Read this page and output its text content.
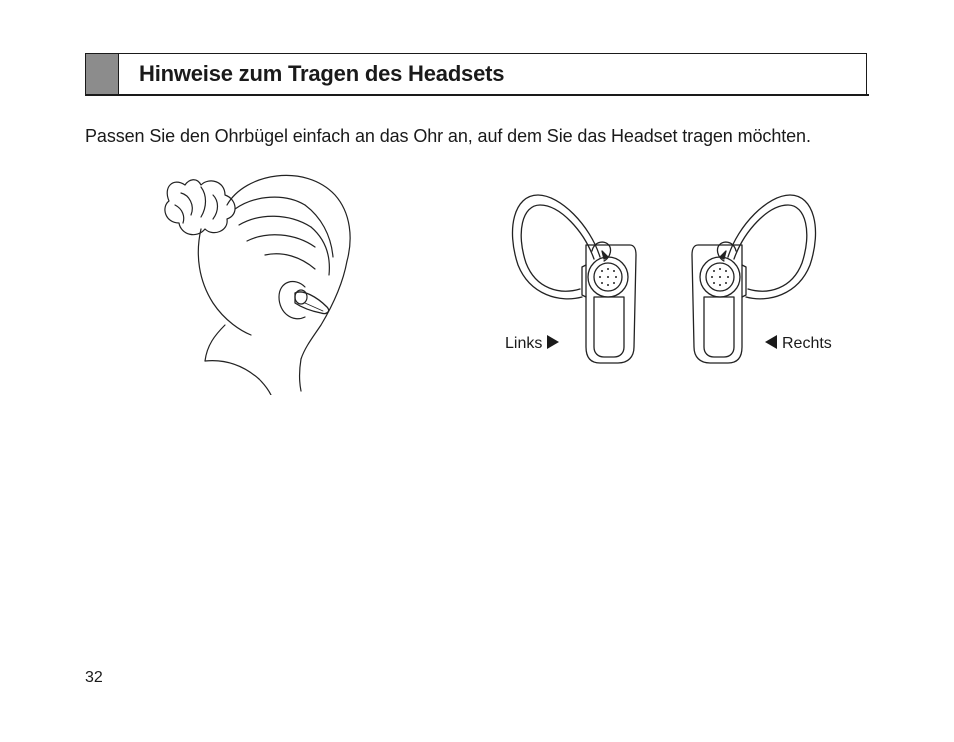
Hinweise zum Tragen des Headsets
Passen Sie den Ohrbügel einfach an das Ohr an, auf dem Sie das Headset tragen möchten.
Links	Rechts
32
